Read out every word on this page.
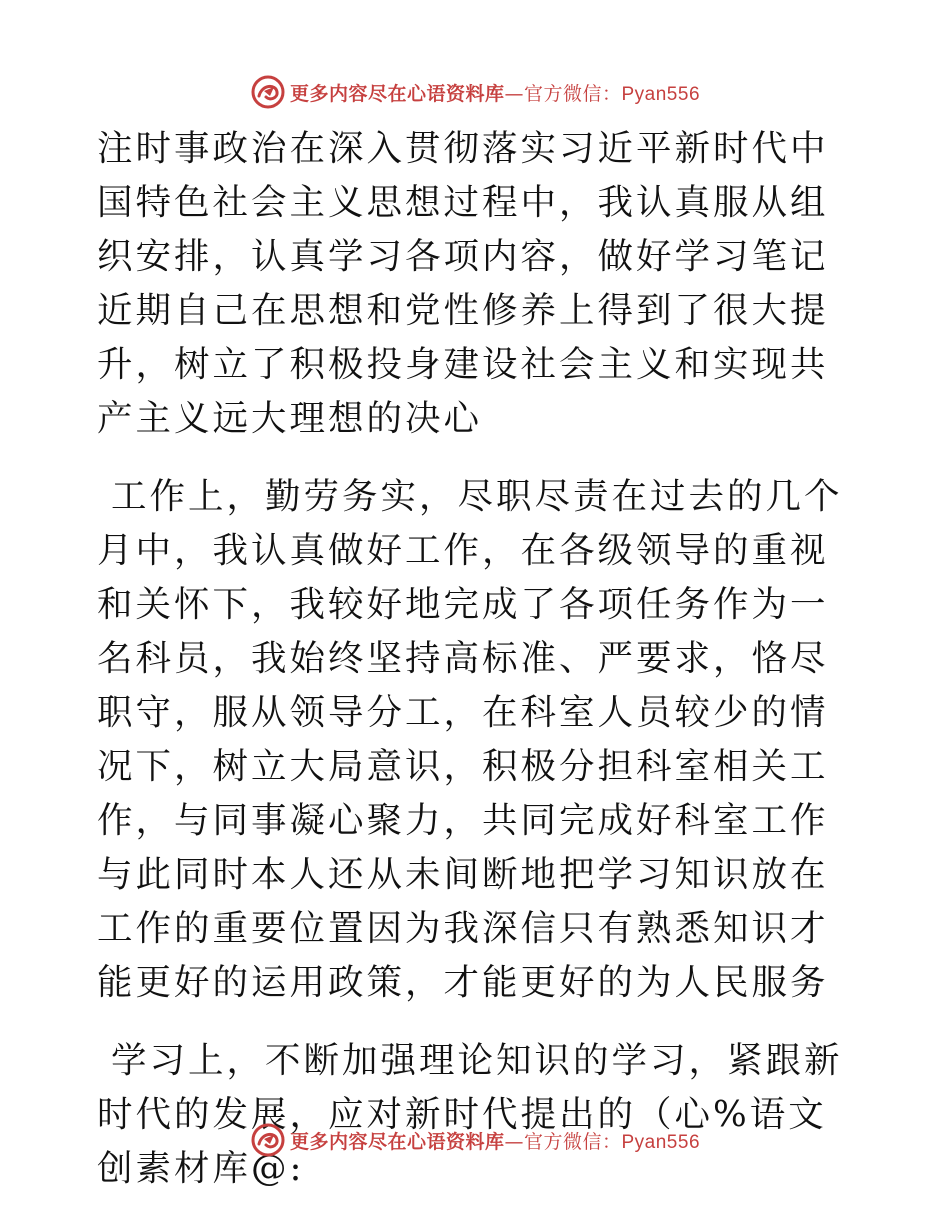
更多内容尽在心语资料库—官方微信：Pyan556

注时事政治在深入贯彻落实习近平新时代中国特色社会主义思想过程中，我认真服从组织安排，认真学习各项内容，做好学习笔记近期自己在思想和党性修养上得到了很大提升，树立了积极投身建设社会主义和实现共产主义远大理想的决心

工作上，勤劳务实，尽职尽责在过去的几个月中，我认真做好工作，在各级领导的重视和关怀下，我较好地完成了各项任务作为一名科员，我始终坚持高标准、严要求，恪尽职守，服从领导分工，在科室人员较少的情况下，树立大局意识，积极分担科室相关工作，与同事凝心聚力，共同完成好科室工作与此同时本人还从未间断地把学习知识放在工作的重要位置因为我深信只有熟悉知识才能更好的运用政策，才能更好的为人民服务

学习上，不断加强理论知识的学习，紧跟新时代的发展，应对新时代提出的（心%语文创素材库@:

更多内容尽在心语资料库—官方微信：Pyan556
